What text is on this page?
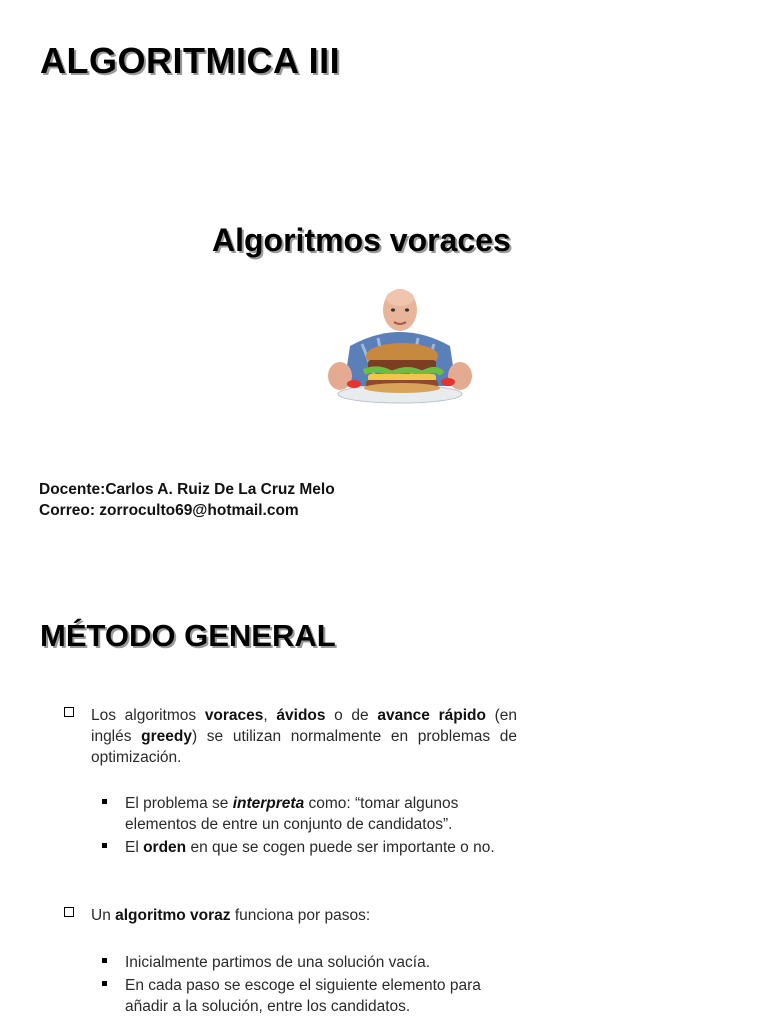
ALGORITMICA III
Algoritmos voraces
Docente:Carlos A. Ruiz De La Cruz Melo
Correo: zorroculto69@hotmail.com
MÉTODO GENERAL
Los algoritmos voraces, ávidos o de avance rápido (en inglés greedy) se utilizan normalmente en problemas de optimización.
El problema se interpreta como: “tomar algunos elementos de entre un conjunto de candidatos”.
El orden en que se cogen puede ser importante o no.
Un algoritmo voraz funciona por pasos:
Inicialmente partimos de una solución vacía.
En cada paso se escoge el siguiente elemento para añadir a la solución, entre los candidatos.
